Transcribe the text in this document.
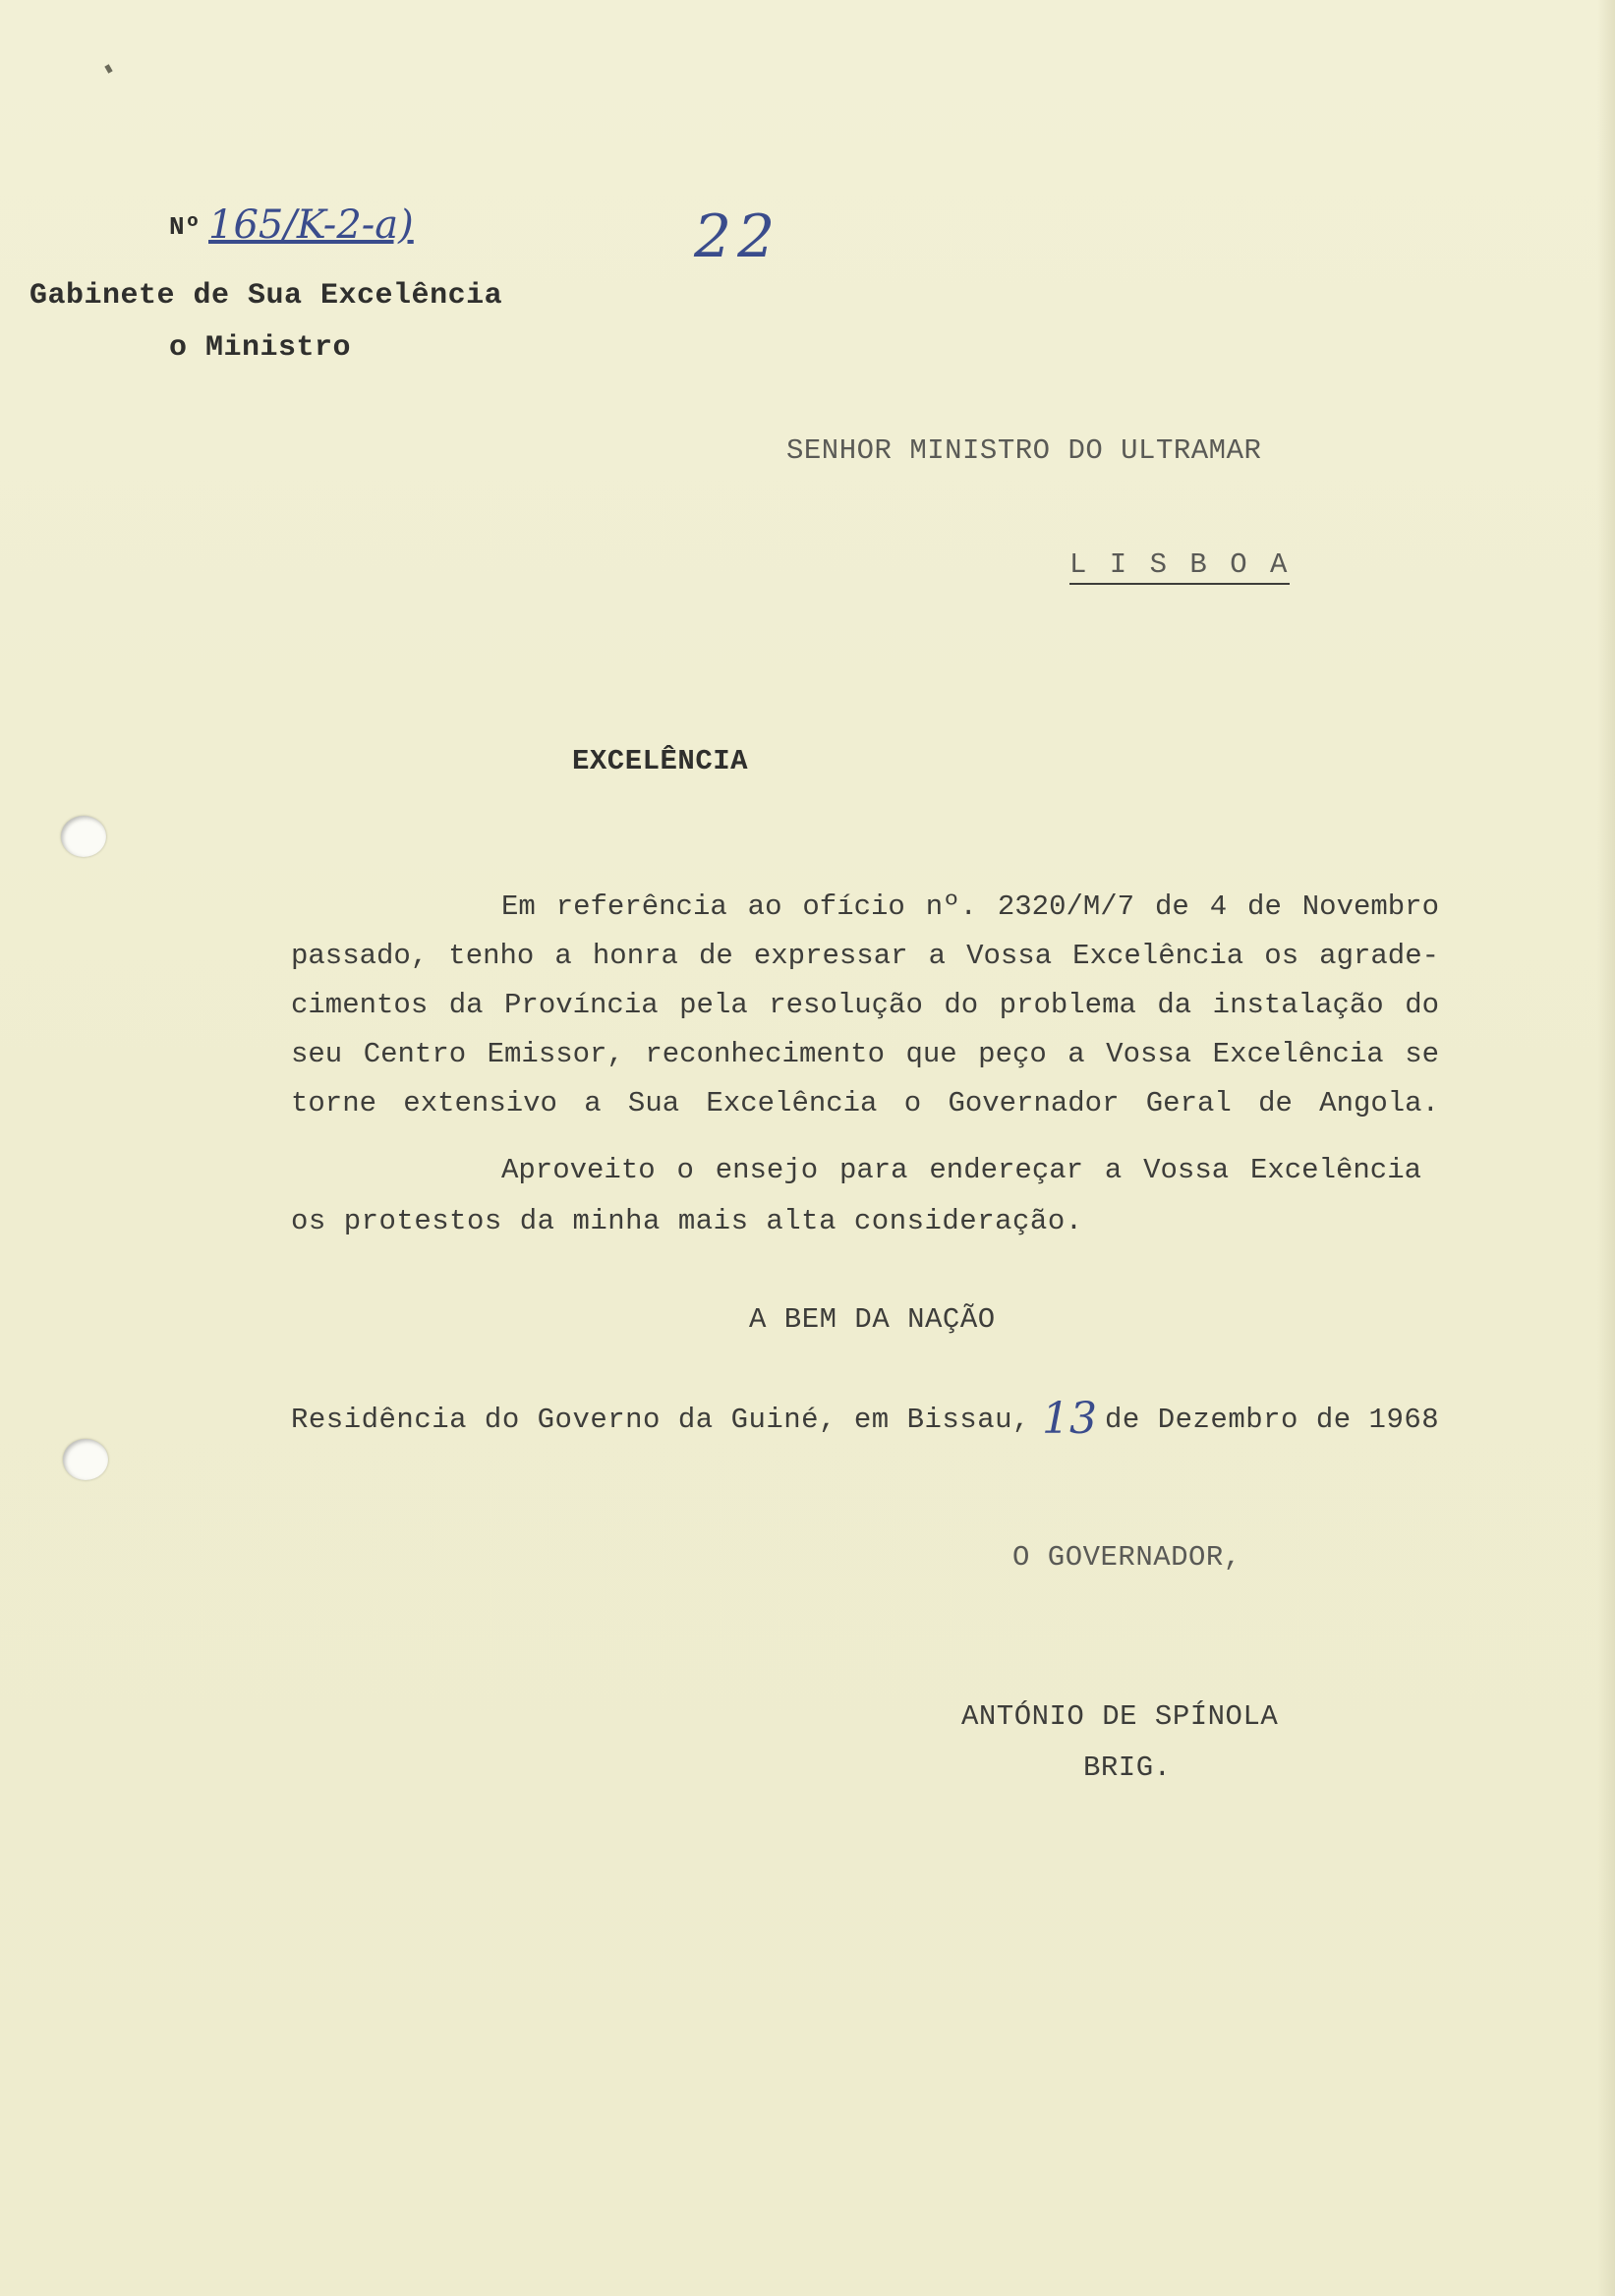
Nº 165/K-2-a)	22
Gabinete de Sua Excelência
o Ministro
SENHOR MINISTRO DO ULTRAMAR
L I S B O A
EXCELÊNCIA
Em referência ao ofício nº. 2320/M/7 de 4 de Novembro
passado, tenho a honra de expressar a Vossa Excelência os agrade-
cimentos da Província pela resolução do problema da instalação do
seu Centro Emissor, reconhecimento que peço a Vossa Excelência se
torne extensivo a Sua Excelência o Governador Geral de Angola.
Aproveito o ensejo para endereçar a Vossa Excelência
os protestos da minha mais alta consideração.
A BEM DA NAÇÃO
Residência do Governo da Guiné, em Bissau, 13 de Dezembro de 1968
O GOVERNADOR,
ANTÓNIO DE SPÍNOLA
BRIG.
